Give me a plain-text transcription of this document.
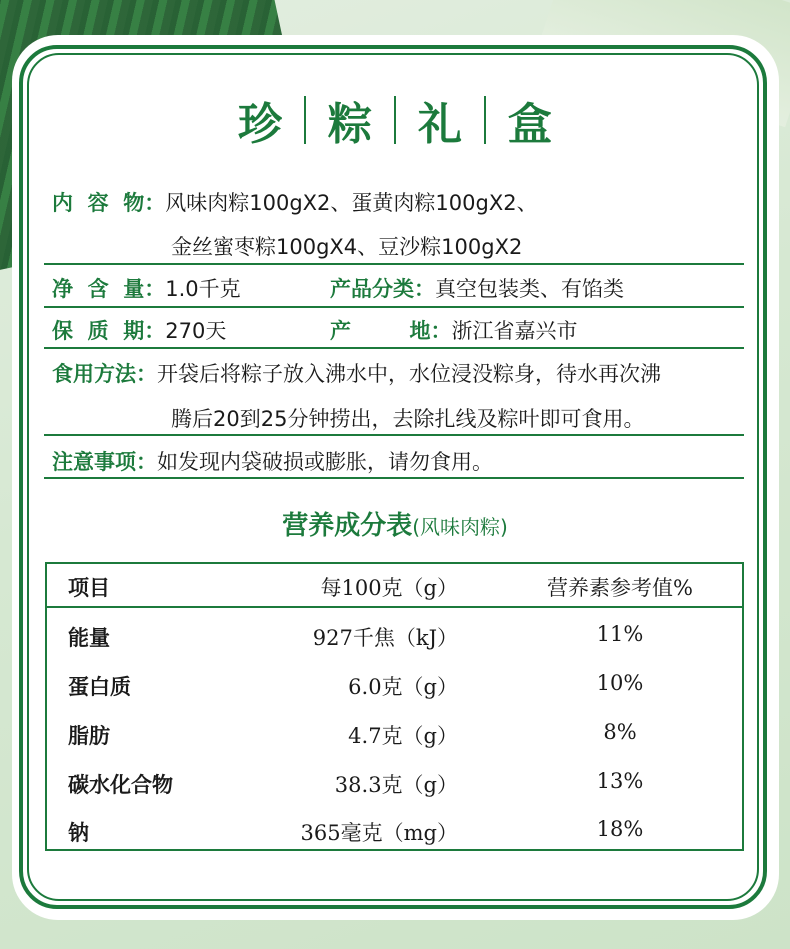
珍	粽	礼	盒
内  容  物：风味肉粽100gX2、蛋黄肉粽100gX2、
金丝蜜枣粽100gX4、豆沙粽100gX2
净  含  量：1.0千克	产品分类：真空包装类、有馅类
保  质  期：270天	产        地：浙江省嘉兴市
食用方法：开袋后将粽子放入沸水中，水位浸没粽身，待水再次沸
腾后20到25分钟捞出，去除扎线及粽叶即可食用。
注意事项：如发现内袋破损或膨胀，请勿食用。
营养成分表(风味肉粽)
项目	每100克（g）	营养素参考值%
能量	927千焦（kJ）	11%
蛋白质	6.0克（g）	10%
脂肪	4.7克（g）	8%
碳水化合物	38.3克（g）	13%
钠	365毫克（mg）	18%
